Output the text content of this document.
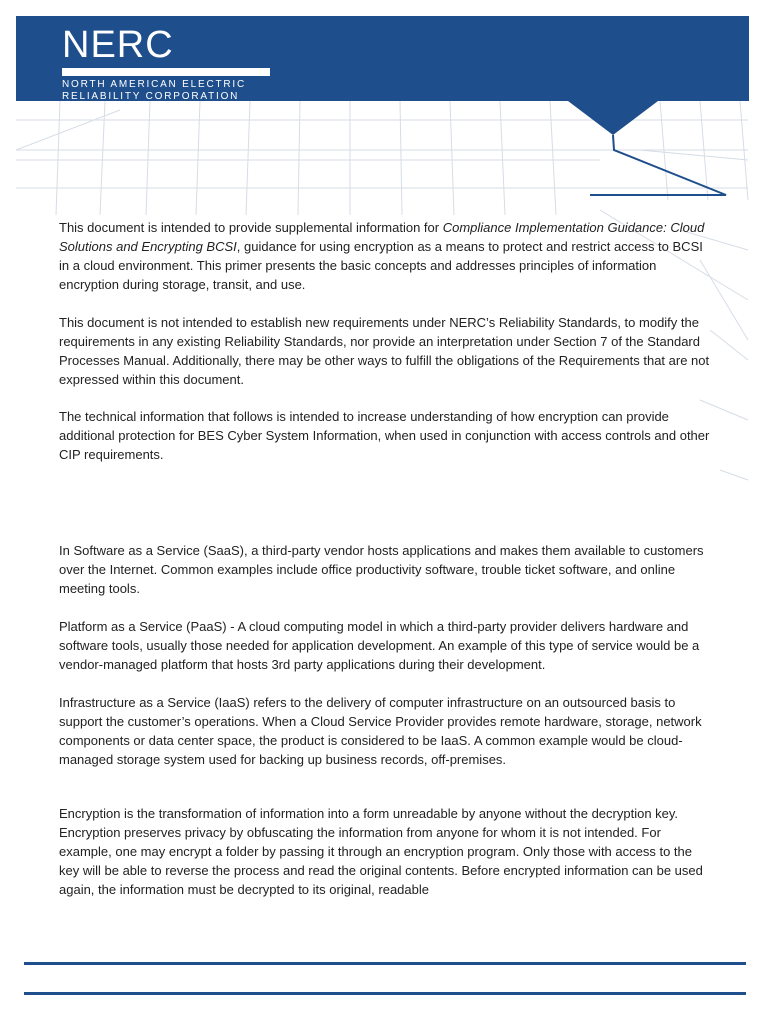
NERC
NORTH AMERICAN ELECTRIC
RELIABILITY CORPORATION

This document is intended to provide supplemental information for Compliance Implementation Guidance: Cloud Solutions and Encrypting BCSI, guidance for using encryption as a means to protect and restrict access to BCSI in a cloud environment. This primer presents the basic concepts and addresses principles of information encryption during storage, transit, and use.

This document is not intended to establish new requirements under NERC’s Reliability Standards, to modify the requirements in any existing Reliability Standards, nor provide an interpretation under Section 7 of the Standard Processes Manual. Additionally, there may be other ways to fulfill the obligations of the Requirements that are not expressed within this document.

The technical information that follows is intended to increase understanding of how encryption can provide additional protection for BES Cyber System Information, when used in conjunction with access controls and other CIP requirements.

In Software as a Service (SaaS), a third-party vendor hosts applications and makes them available to customers over the Internet. Common examples include office productivity software, trouble ticket software, and online meeting tools.

Platform as a Service (PaaS) - A cloud computing model in which a third-party provider delivers hardware and software tools, usually those needed for application development. An example of this type of service would be a vendor-managed platform that hosts 3rd party applications during their development.

Infrastructure as a Service (IaaS) refers to the delivery of computer infrastructure on an outsourced basis to support the customer’s operations. When a Cloud Service Provider provides remote hardware, storage, network components or data center space, the product is considered to be IaaS. A common example would be cloud-managed storage system used for backing up business records, off-premises.

Encryption is the transformation of information into a form unreadable by anyone without the decryption key. Encryption preserves privacy by obfuscating the information from anyone for whom it is not intended. For example, one may encrypt a folder by passing it through an encryption program. Only those with access to the key will be able to reverse the process and read the original contents. Before encrypted information can be used again, the information must be decrypted to its original, readable
